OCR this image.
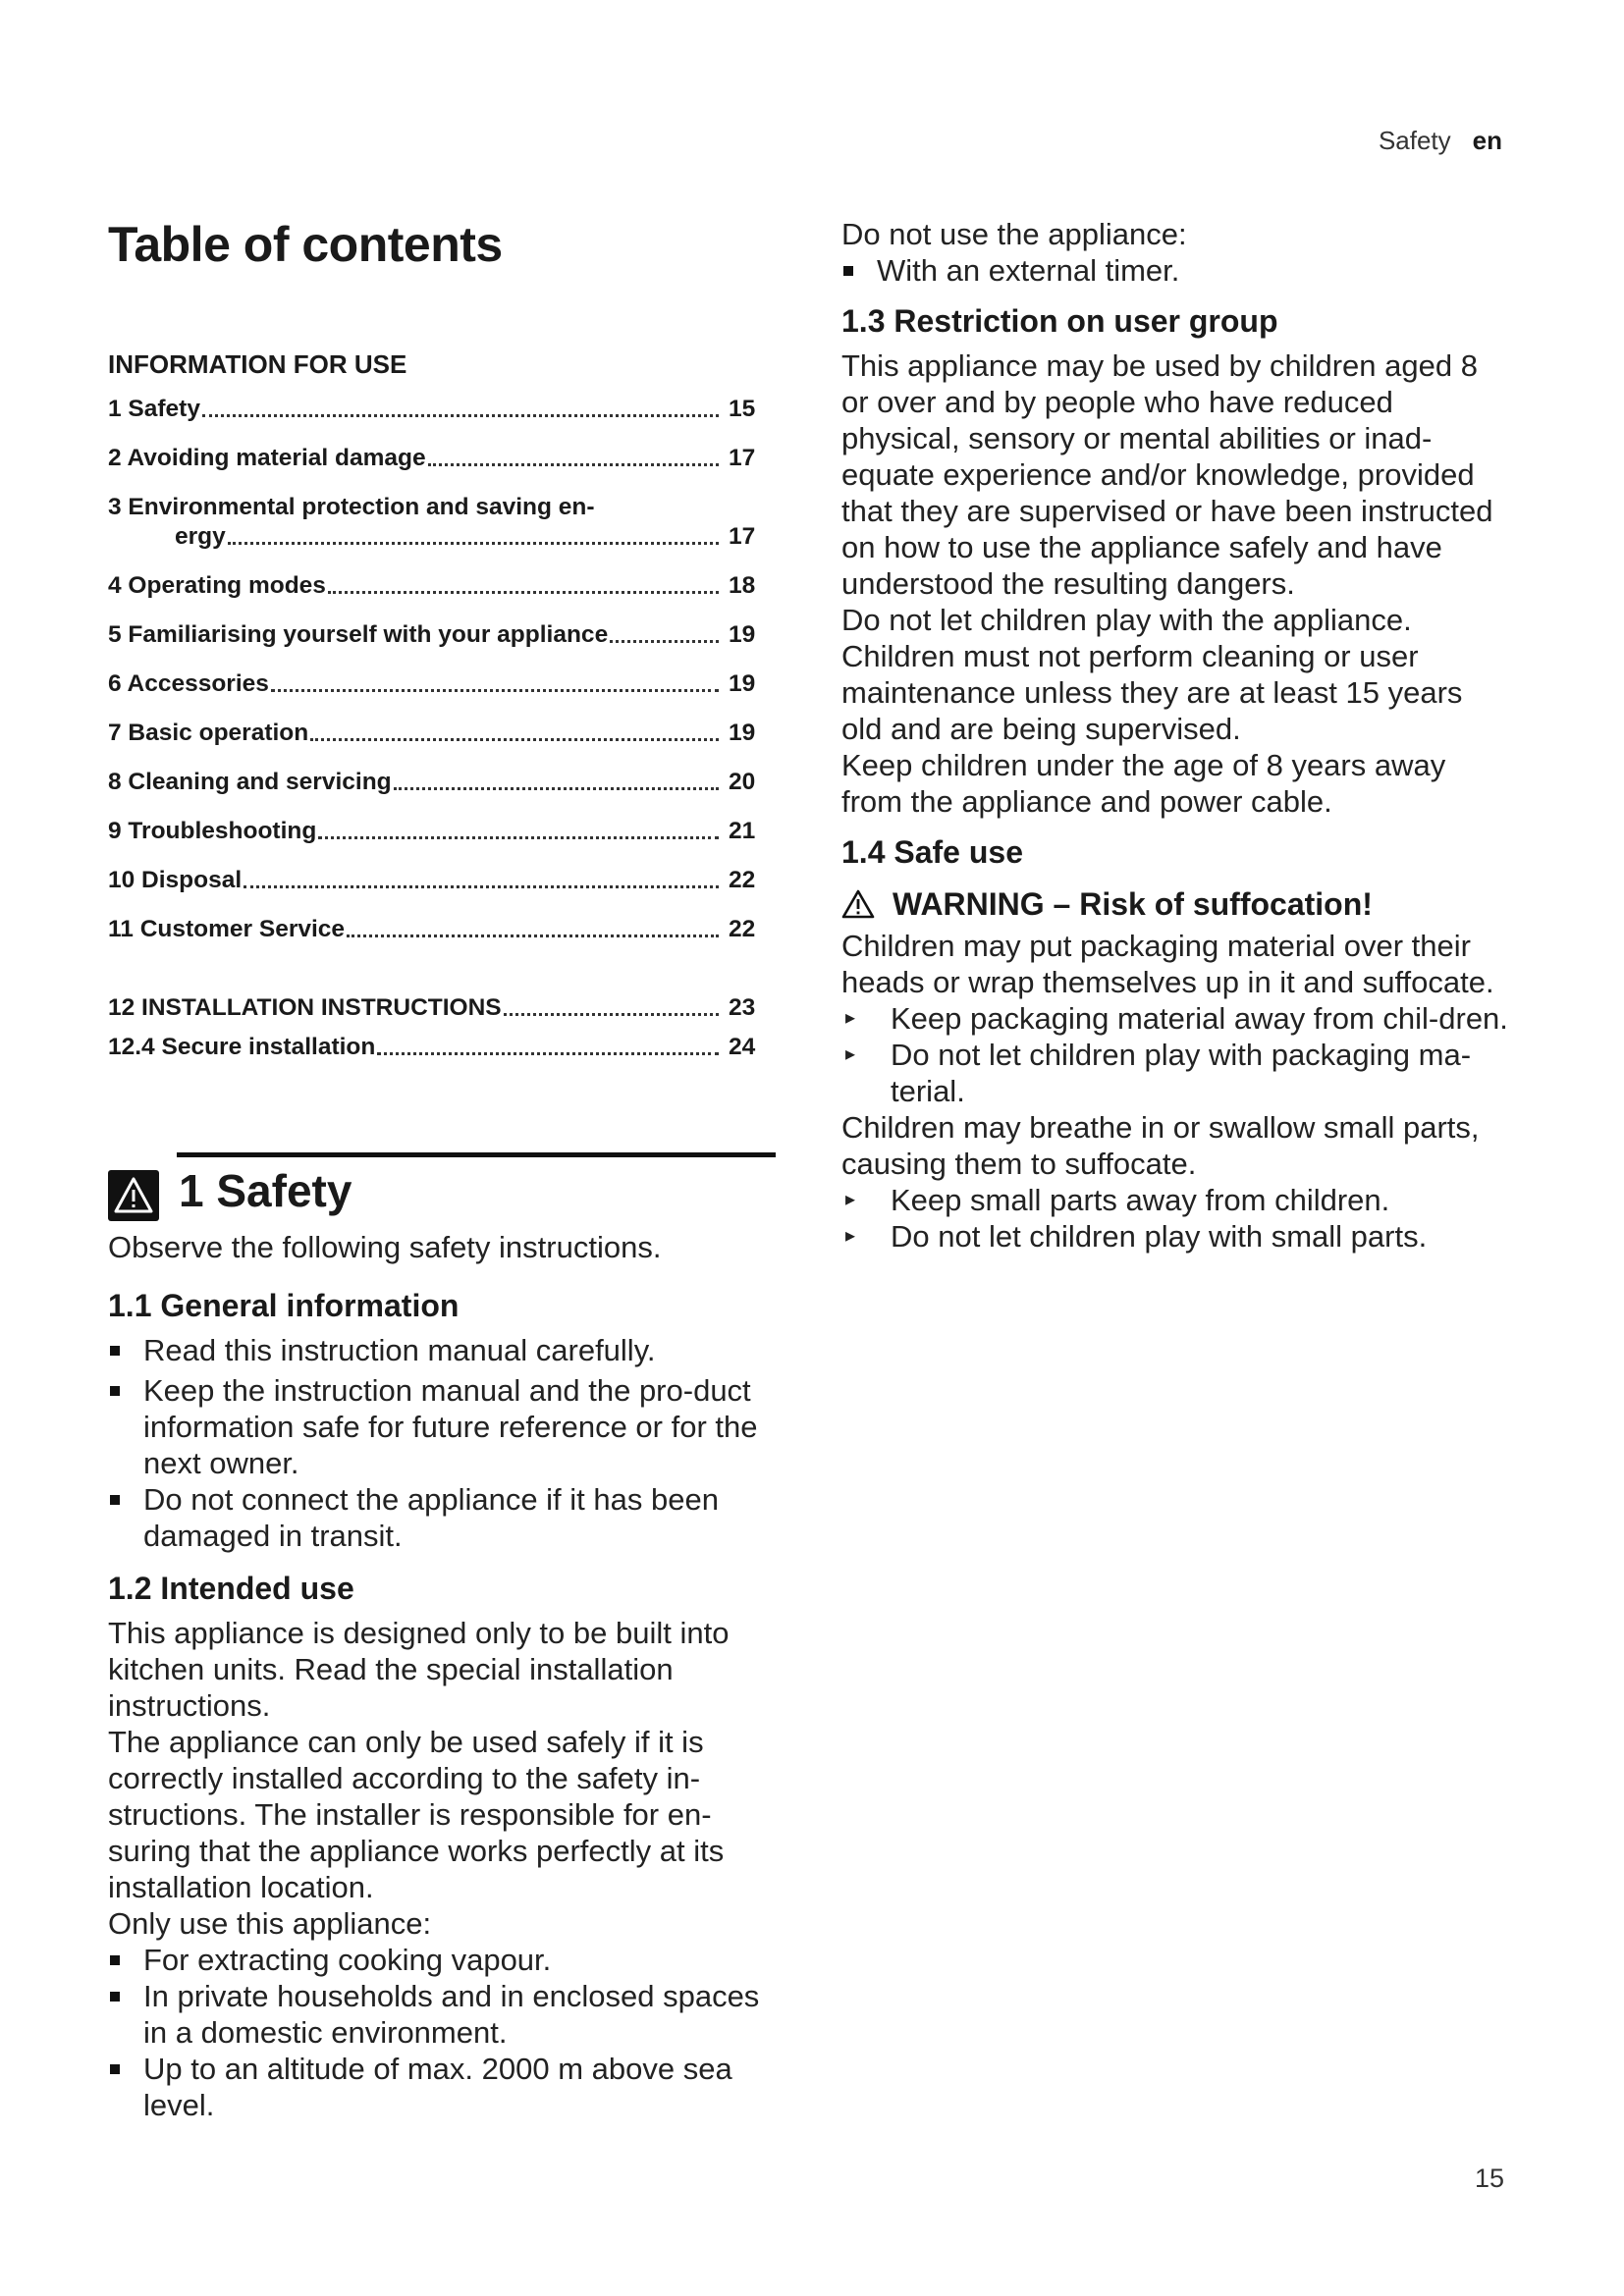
Safety en
Table of contents
INFORMATION FOR USE
1 Safety	15
2 Avoiding material damage	17
3 Environmental protection and saving en-
ergy	17
4 Operating modes	18
5 Familiarising yourself with your appliance	19
6 Accessories	19
7 Basic operation	19
8 Cleaning and servicing	20
9 Troubleshooting	21
10 Disposal	22
11 Customer Service	22
12 INSTALLATION INSTRUCTIONS	23
12.4 Secure installation	24
1 Safety

Observe the following safety instructions.

1.1 General information
Read this instruction manual carefully.
Keep the instruction manual and the pro-duct information safe for future reference or for the next owner.
Do not connect the appliance if it has been damaged in transit.
1.2 Intended use

This appliance is designed only to be built into kitchen units. Read the special installation instructions.

The appliance can only be used safely if it is correctly installed according to the safety in-structions. The installer is responsible for en-suring that the appliance works perfectly at its installation location.

Only use this appliance:

For extracting cooking vapour.
In private households and in enclosed spaces in a domestic environment.
Up to an altitude of max. 2000 m above sea level.

Do not use the appliance:

With an external timer.
1.3 Restriction on user group

This appliance may be used by children aged 8 or over and by people who have reduced physical, sensory or mental abilities or inad-equate experience and/or knowledge, provided that they are supervised or have been instructed on how to use the appliance safely and have understood the resulting dangers.

Do not let children play with the appliance.

Children must not perform cleaning or user maintenance unless they are at least 15 years old and are being supervised.

Keep children under the age of 8 years away from the appliance and power cable.

1.4 Safe use
WARNING – Risk of suffocation!

Children may put packaging material over their heads or wrap themselves up in it and suffocate.

▸ Keep packaging material away from chil-dren.
▸ Do not let children play with packaging ma-terial.

Children may breathe in or swallow small parts, causing them to suffocate.

▸ Keep small parts away from children.
▸ Do not let children play with small parts.
15
